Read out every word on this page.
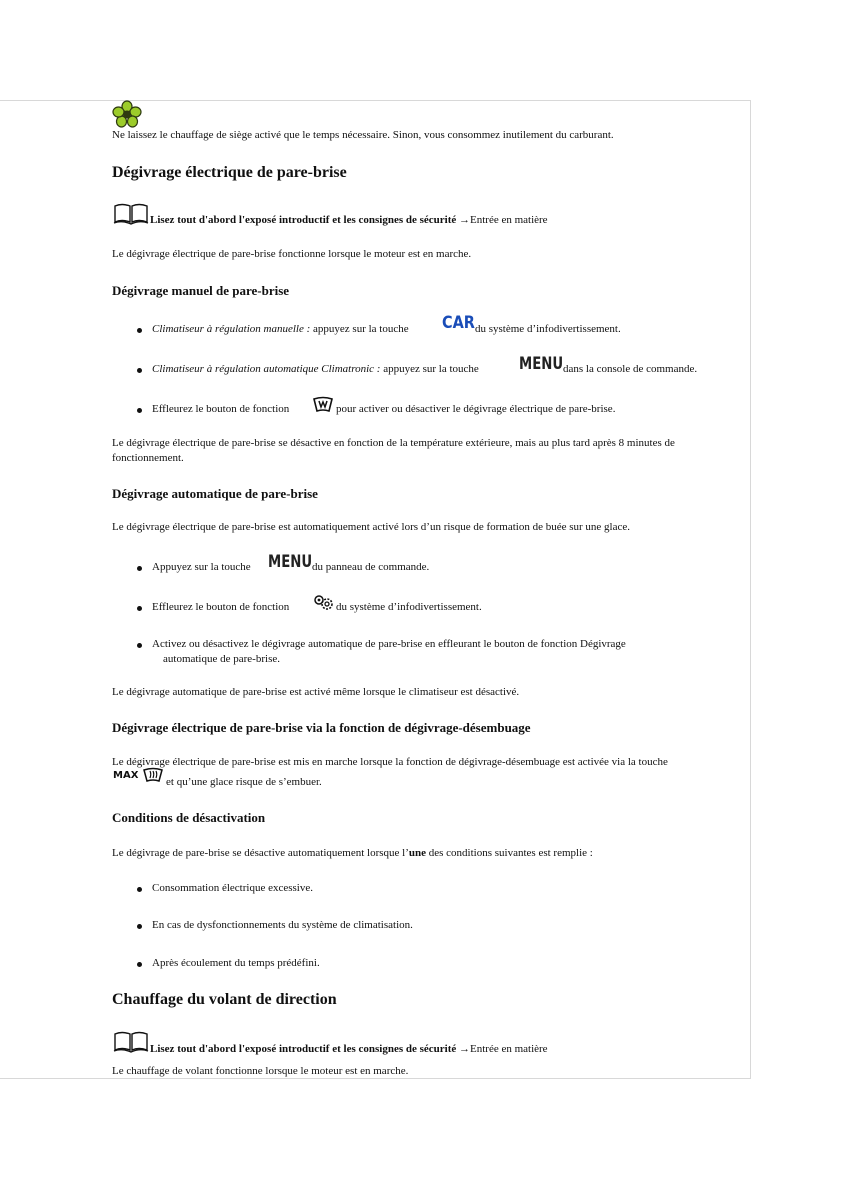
Ne laissez le chauffage de siège activé que le temps nécessaire. Sinon, vous consommez inutilement du carburant.
Dégivrage électrique de pare-brise
Lisez tout d'abord l'exposé introductif et les consignes de sécurité →Entrée en matière
Le dégivrage électrique de pare-brise fonctionne lorsque le moteur est en marche.
Dégivrage manuel de pare-brise
Climatiseur à régulation manuelle : appuyez sur la touche CAR du système d’infodivertissement.
Climatiseur à régulation automatique Climatronic : appuyez sur la touche MENU dans la console de commande.
Effleurez le bouton de fonction	pour activer ou désactiver le dégivrage électrique de pare-brise.
Le dégivrage électrique de pare-brise se désactive en fonction de la température extérieure, mais au plus tard après 8 minutes de
fonctionnement.
Dégivrage automatique de pare-brise
Le dégivrage électrique de pare-brise est automatiquement activé lors d’un risque de formation de buée sur une glace.
Appuyez sur la touche MENU du panneau de commande.
Effleurez le bouton de fonction	du système d’infodivertissement.
Activez ou désactivez le dégivrage automatique de pare-brise en effleurant le bouton de fonction Dégivrage
automatique de pare-brise.
Le dégivrage automatique de pare-brise est activé même lorsque le climatiseur est désactivé.
Dégivrage électrique de pare-brise via la fonction de dégivrage-désembuage
Le dégivrage électrique de pare-brise est mis en marche lorsque la fonction de dégivrage-désembuage est activée via la touche
MAX
et qu’une glace risque de s’embuer.
Conditions de désactivation
Le dégivrage de pare-brise se désactive automatiquement lorsque l’une des conditions suivantes est remplie :
Consommation électrique excessive.
En cas de dysfonctionnements du système de climatisation.
Après écoulement du temps prédéfini.
Chauffage du volant de direction
Lisez tout d'abord l'exposé introductif et les consignes de sécurité →Entrée en matière
Le chauffage de volant fonctionne lorsque le moteur est en marche.
